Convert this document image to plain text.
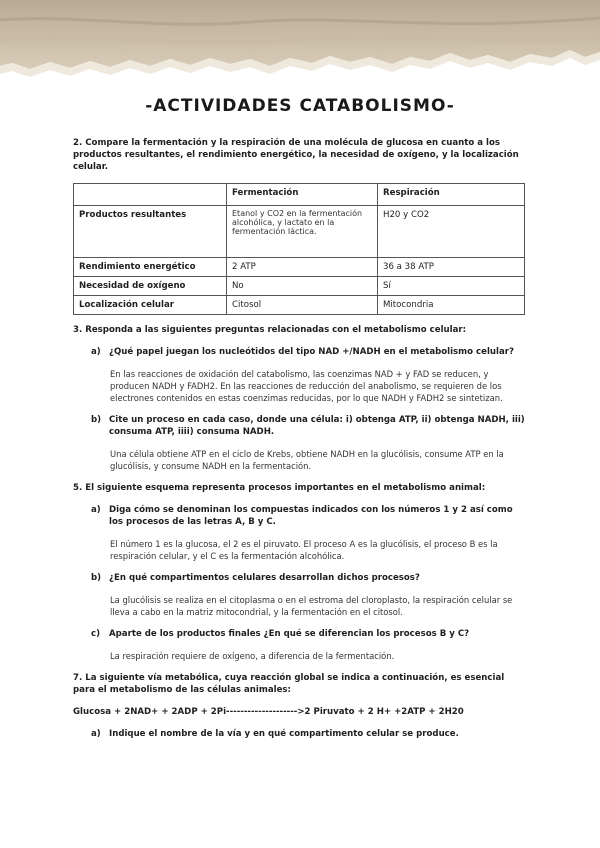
-ACTIVIDADES CATABOLISMO-

2. Compare la fermentación y la respiración de una molécula de glucosa en cuanto a los productos resultantes, el rendimiento energético, la necesidad de oxígeno, y la localización celular.

	Fermentación	Respiración
Productos resultantes	Etanol y CO2 en la fermentación alcohólica, y lactato en la fermentación láctica.	H20 y CO2
Rendimiento energético	2 ATP	36 a 38 ATP
Necesidad de oxígeno	No	Sí
Localización celular	Citosol	Mitocondria

3. Responda a las siguientes preguntas relacionadas con el metabolismo celular:

a) ¿Qué papel juegan los nucleótidos del tipo NAD +/NADH en el metabolismo celular?

En las reacciones de oxidación del catabolismo, las coenzimas NAD + y FAD se reducen, y producen NADH y FADH2. En las reacciones de reducción del anabolismo, se requieren de los electrones contenidos en estas coenzimas reducidas, por lo que NADH y FADH2 se sintetizan.

b) Cite un proceso en cada caso, donde una célula: i) obtenga ATP, ii) obtenga NADH, iii) consuma ATP, iiii) consuma NADH.

Una célula obtiene ATP en el ciclo de Krebs, obtiene NADH en la glucólisis, consume ATP en la glucólisis, y consume NADH en la fermentación.

5. El siguiente esquema representa procesos importantes en el metabolismo animal:

a) Diga cómo se denominan los compuestas indicados con los números 1 y 2 así como los procesos de las letras A, B y C.

El número 1 es la glucosa, el 2 es el piruvato. El proceso A es la glucólisis, el proceso B es la respiración celular, y el C es la fermentación alcohólica.

b) ¿En qué compartimentos celulares desarrollan dichos procesos?

La glucólisis se realiza en el citoplasma o en el estroma del cloroplasto, la respiración celular se lleva a cabo en la matriz mitocondrial, y la fermentación en el citosol.

c)	Aparte de los productos finales ¿En qué se diferencian los procesos B y C?

La respiración requiere de oxígeno, a diferencia de la fermentación.

7. La siguiente vía metabólica, cuya reacción global se indica a continuación, es esencial para el metabolismo de las células animales:

Glucosa + 2NAD+ + 2ADP + 2Pi-------------------->2 Piruvato + 2 H+ +2ATP + 2H20

a) Indique el nombre de la vía y en qué compartimento celular se produce.
